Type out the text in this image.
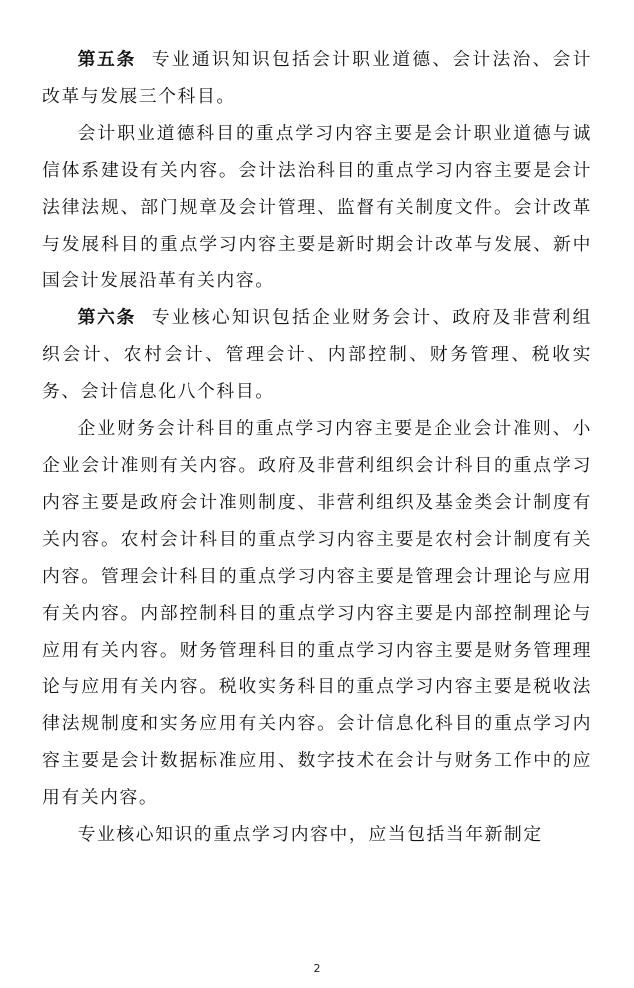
第五条 专业通识知识包括会计职业道德、会计法治、会计改革与发展三个科目。

会计职业道德科目的重点学习内容主要是会计职业道德与诚信体系建设有关内容。会计法治科目的重点学习内容主要是会计法律法规、部门规章及会计管理、监督有关制度文件。会计改革与发展科目的重点学习内容主要是新时期会计改革与发展、新中国会计发展沿革有关内容。

第六条 专业核心知识包括企业财务会计、政府及非营利组织会计、农村会计、管理会计、内部控制、财务管理、税收实务、会计信息化八个科目。

企业财务会计科目的重点学习内容主要是企业会计准则、小企业会计准则有关内容。政府及非营利组织会计科目的重点学习内容主要是政府会计准则制度、非营利组织及基金类会计制度有关内容。农村会计科目的重点学习内容主要是农村会计制度有关内容。管理会计科目的重点学习内容主要是管理会计理论与应用有关内容。内部控制科目的重点学习内容主要是内部控制理论与应用有关内容。财务管理科目的重点学习内容主要是财务管理理论与应用有关内容。税收实务科目的重点学习内容主要是税收法律法规制度和实务应用有关内容。会计信息化科目的重点学习内容主要是会计数据标准应用、数字技术在会计与财务工作中的应用有关内容。

专业核心知识的重点学习内容中，应当包括当年新制定

2
